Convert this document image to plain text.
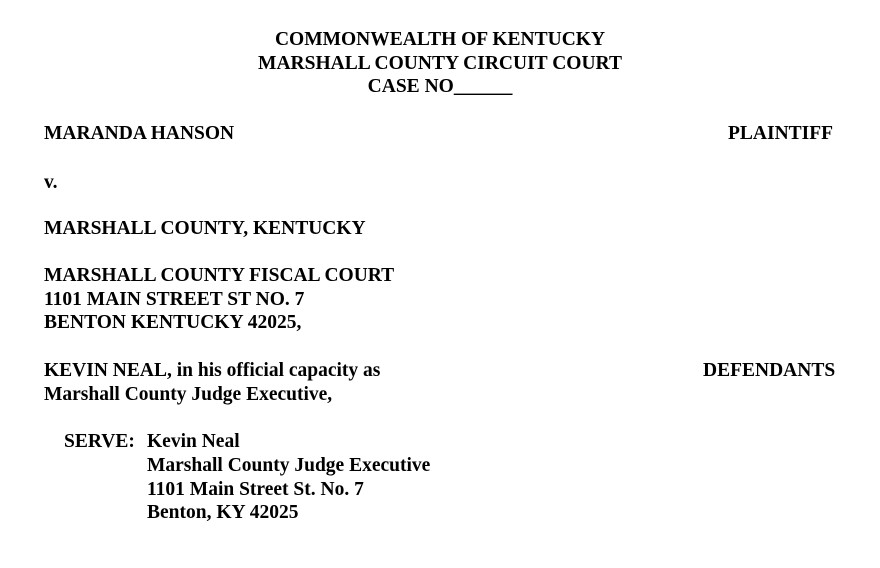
COMMONWEALTH OF KENTUCKY
MARSHALL COUNTY CIRCUIT COURT
CASE NO______
MARANDA HANSON	PLAINTIFF
v.
MARSHALL COUNTY, KENTUCKY
MARSHALL COUNTY FISCAL COURT
1101 MAIN STREET ST NO. 7
BENTON KENTUCKY 42025,
KEVIN NEAL, in his official capacity as
Marshall County Judge Executive,
DEFENDANTS
SERVE: Kevin Neal
Marshall County Judge Executive
1101 Main Street St. No. 7
Benton, KY 42025
